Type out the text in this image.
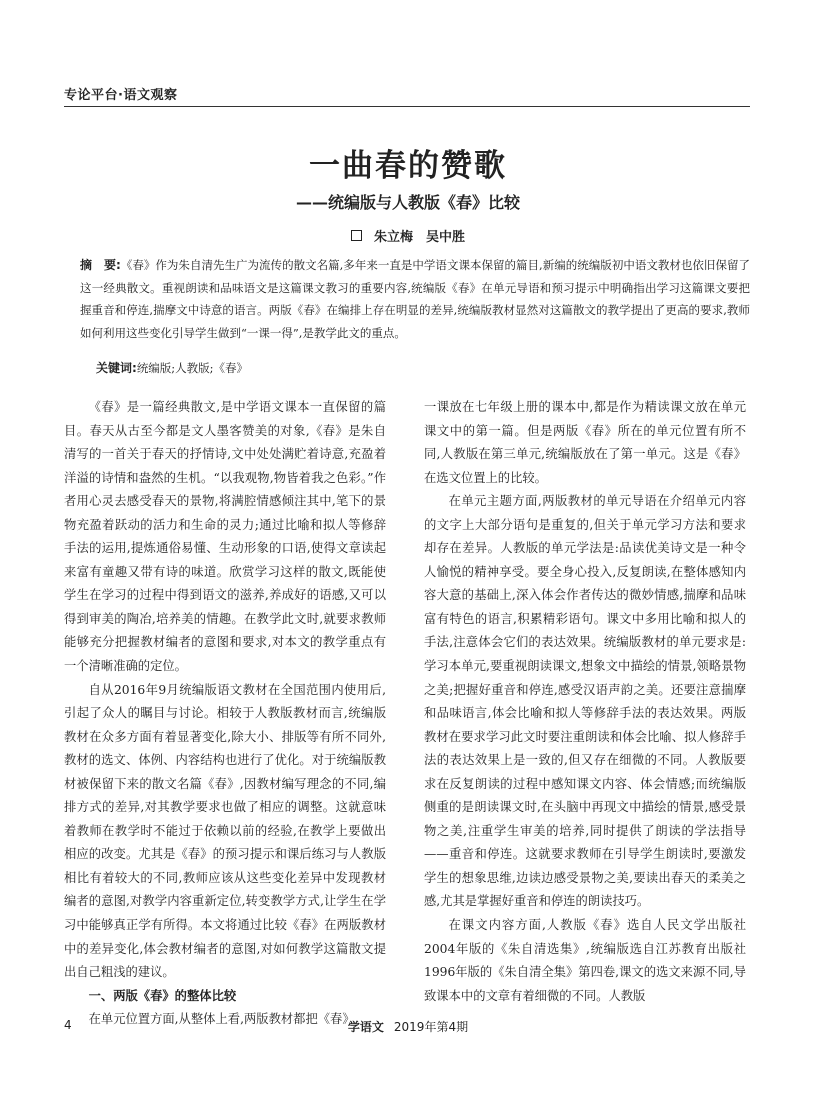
专论平台·语文观察
一曲春的赞歌
——统编版与人教版《春》比较
朱立梅　吴中胜
摘　要:《春》作为朱自清先生广为流传的散文名篇,多年来一直是中学语文课本保留的篇目,新编的统编版初中语文教材也依旧保留了这一经典散文。重视朗读和品味语文是这篇课文教习的重要内容,统编版《春》在单元导语和预习提示中明确指出学习这篇课文要把握重音和停连,揣摩文中诗意的语言。两版《春》在编排上存在明显的差异,统编版教材显然对这篇散文的教学提出了更高的要求,教师如何利用这些变化引导学生做到“一课一得”,是教学此文的重点。
关键词:统编版;人教版;《春》

《春》是一篇经典散文,是中学语文课本一直保留的篇目。春天从古至今都是文人墨客赞美的对象,《春》是朱自清写的一首关于春天的抒情诗,文中处处满贮着诗意,充盈着洋溢的诗情和盎然的生机。“以我观物,物皆着我之色彩。”作者用心灵去感受春天的景物,将满腔情感倾注其中,笔下的景物充盈着跃动的活力和生命的灵力;通过比喻和拟人等修辞手法的运用,提炼通俗易懂、生动形象的口语,使得文章读起来富有童趣又带有诗的味道。欣赏学习这样的散文,既能使学生在学习的过程中得到语文的滋养,养成好的语感,又可以得到审美的陶冶,培养美的情趣。在教学此文时,就要求教师能够充分把握教材编者的意图和要求,对本文的教学重点有一个清晰准确的定位。

自从2016年9月统编版语文教材在全国范围内使用后,引起了众人的瞩目与讨论。相较于人教版教材而言,统编版教材在众多方面有着显著变化,除大小、排版等有所不同外,教材的选文、体例、内容结构也进行了优化。对于统编版教材被保留下来的散文名篇《春》,因教材编写理念的不同,编排方式的差异,对其教学要求也做了相应的调整。这就意味着教师在教学时不能过于依赖以前的经验,在教学上要做出相应的改变。尤其是《春》的预习提示和课后练习与人教版相比有着较大的不同,教师应该从这些变化差异中发现教材编者的意图,对教学内容重新定位,转变教学方式,让学生在学习中能够真正学有所得。本文将通过比较《春》在两版教材中的差异变化,体会教材编者的意图,对如何教学这篇散文提出自己粗浅的建议。

一、两版《春》的整体比较

在单元位置方面,从整体上看,两版教材都把《春》

一课放在七年级上册的课本中,都是作为精读课文放在单元课文中的第一篇。但是两版《春》所在的单元位置有所不同,人教版在第三单元,统编版放在了第一单元。这是《春》在选文位置上的比较。

在单元主题方面,两版教材的单元导语在介绍单元内容的文字上大部分语句是重复的,但关于单元学习方法和要求却存在差异。人教版的单元学法是:品读优美诗文是一种令人愉悦的精神享受。要全身心投入,反复朗读,在整体感知内容大意的基础上,深入体会作者传达的微妙情感,揣摩和品味富有特色的语言,积累精彩语句。课文中多用比喻和拟人的手法,注意体会它们的表达效果。统编版教材的单元要求是:学习本单元,要重视朗读课文,想象文中描绘的情景,领略景物之美;把握好重音和停连,感受汉语声韵之美。还要注意揣摩和品味语言,体会比喻和拟人等修辞手法的表达效果。两版教材在要求学习此文时要注重朗读和体会比喻、拟人修辞手法的表达效果上是一致的,但又存在细微的不同。人教版要求在反复朗读的过程中感知课文内容、体会情感;而统编版侧重的是朗读课文时,在头脑中再现文中描绘的情景,感受景物之美,注重学生审美的培养,同时提供了朗读的学法指导——重音和停连。这就要求教师在引导学生朗读时,要激发学生的想象思维,边读边感受景物之美,要读出春天的柔美之感,尤其是掌握好重音和停连的朗读技巧。

在课文内容方面,人教版《春》选自人民文学出版社2004年版的《朱自清选集》,统编版选自江苏教育出版社1996年版的《朱自清全集》第四卷,课文的选文来源不同,导致课本中的文章有着细微的不同。人教版

4	学语文 2019年第4期
